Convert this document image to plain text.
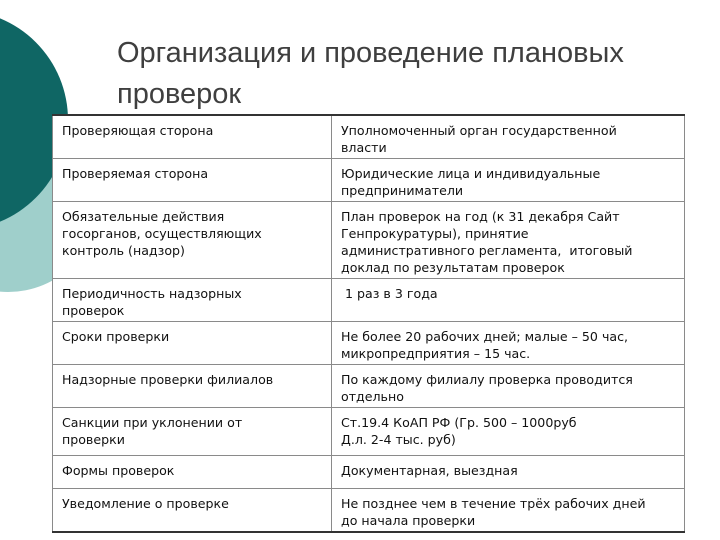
Организация и проведение плановых
проверок
Проверяющая сторона	Уполномоченный орган государственной
власти

Проверяемая сторона	Юридические лица и индивидуальные
предприниматели

Обязательные действия
госорганов, осуществляющих
контроль (надзор)	План проверок на год (к 31 декабря Сайт
Генпрокуратуры), принятие
административного регламента,  итоговый
доклад по результатам проверок

Периодичность надзорных
проверок	1 раз в 3 года

Сроки проверки	Не более 20 рабочих дней; малые – 50 час,
микропредприятия – 15 час.

Надзорные проверки филиалов	По каждому филиалу проверка проводится
отдельно

Санкции при уклонении от
проверки	Ст.19.4 КоАП РФ (Гр. 500 – 1000руб
Д.л. 2-4 тыс. руб)

Формы проверок	Документарная, выездная

Уведомление о проверке	Не позднее чем в течение трёх рабочих дней
до начала проверки
